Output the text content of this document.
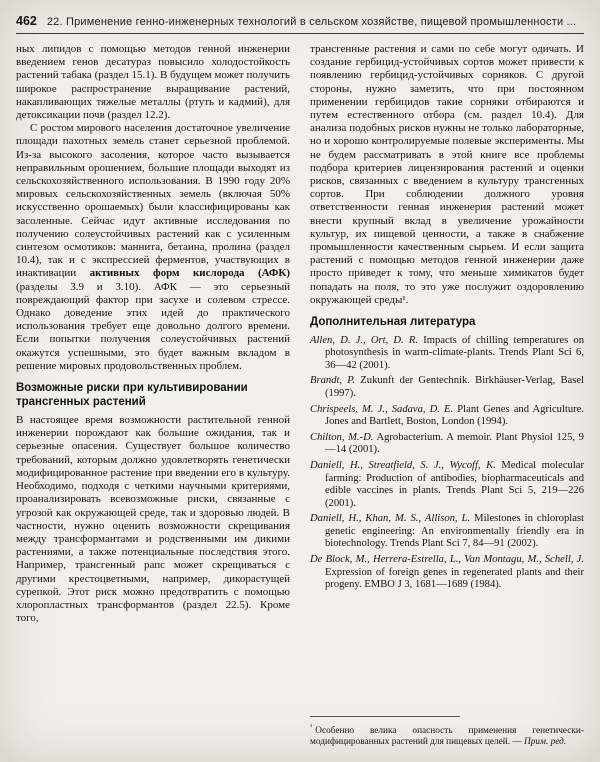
462 22. Применение генно-инженерных технологий в сельском хозяйстве, пищевой промышленности ...

ных липидов с помощью методов генной инженерии введением генов десатураз повысило холодостойкость растений табака (раздел 15.1). В будущем может получить широкое распространение выращивание растений, накапливающих тяжелые металлы (ртуть и кадмий), для детоксикации почв (раздел 12.2).

С ростом мирового населения достаточное увеличение площади пахотных земель станет серьезной проблемой. Из-за высокого засоления, которое часто вызывается неправильным орошением, большие площади выходят из сельскохозяйственного использования. В 1990 году 20% мировых сельскохозяйственных земель (включая 50% искусственно орошаемых) были классифицированы как засоленные. Сейчас идут активные исследования по получению солеустойчивых растений как с усиленным синтезом осмотиков: маннита, бетаина, пролина (раздел 10.4), так и с экспрессией ферментов, участвующих в инактивации активных форм кислорода (АФК) (разделы 3.9 и 3.10). АФК — это серьезный повреждающий фактор при засухе и солевом стрессе. Однако доведение этих идей до практического использования требует еще довольно долгого времени. Если попытки получения солеустойчивых растений окажутся успешными, это будет важным вкладом в решение мировых продовольственных проблем.

Возможные риски при культивировании трансгенных растений

В настоящее время возможности растительной генной инженерии порождают как большие ожидания, так и серьезные опасения. Существует большое количество требований, которым должно удовлетворять генетически модифицированное растение при введении его в культуру. Необходимо, подходя с четкими научными критериями, проанализировать всевозможные риски, связанные с угрозой как окружающей среде, так и здоровью людей. В частности, нужно оценить возможности скрещивания между трансформантами и родственными им дикими растениями, а также потенциальные последствия этого. Например, трансгенный рапс может скрещиваться с другими крестоцветными, например, дикорастущей сурепкой. Этот риск можно предотвратить с помощью хлоропластных трансформантов (раздел 22.5). Кроме того,

трансгенные растения и сами по себе могут одичать. И создание гербицид-устойчивых сортов может привести к появлению гербицид-устойчивых сорняков. С другой стороны, нужно заметить, что при постоянном применении гербицидов такие сорняки отбираются и путем естественного отбора (см. раздел 10.4). Для анализа подобных рисков нужны не только лабораторные, но и хорошо контролируемые полевые эксперименты. Мы не будем рассматривать в этой книге все проблемы подбора критериев лицензирования растений и оценки рисков, связанных с введением в культуру трансгенных сортов. При соблюдении должного уровня ответственности генная инженерия растений может внести крупный вклад в увеличение урожайности культур, их пищевой ценности, а также в снабжение промышленности качественным сырьем. И если защита растений с помощью методов генной инженерии даже просто приведет к тому, что меньше химикатов будет попадать на поля, то это уже послужит оздоровлению окружающей среды¹.

Дополнительная литература

Allen, D. J., Ort, D. R. Impacts of chilling temperatures on photosynthesis in warm-climate-plants. Trends Plant Sci 6, 36—42 (2001).

Brandt, P. Zukunft der Gentechnik. Birkhäuser-Verlag, Basel (1997).

Chrispeels, M. J., Sadava, D. E. Plant Genes and Agriculture. Jones and Bartlett, Boston, London (1994).

Chilton, M.-D. Agrobacterium. A memoir. Plant Physiol 125, 9—14 (2001).

Daniell, H., Streatfield, S. J., Wycoff, K. Medical molecular farming: Production of antibodies, biopharmaceuticals and edible vaccines in plants. Trends Plant Sci 5, 219—226 (2001).

Daniell, H., Khan, M. S., Allison, L. Milestones in chloroplast genetic engineering: An environmentally friendly era in biotechnology. Trends Plant Sci 7, 84—91 (2002).

De Block, M., Herrera-Estrella, L., Van Montagu, M., Schell, J. Expression of foreign genes in regenerated plants and their progeny. EMBO J 3, 1681—1689 (1984).

$^{^1}$ Особенно велика опасность применения генетически-модифицированных растений для пищевых целей. — Прим. ред.
